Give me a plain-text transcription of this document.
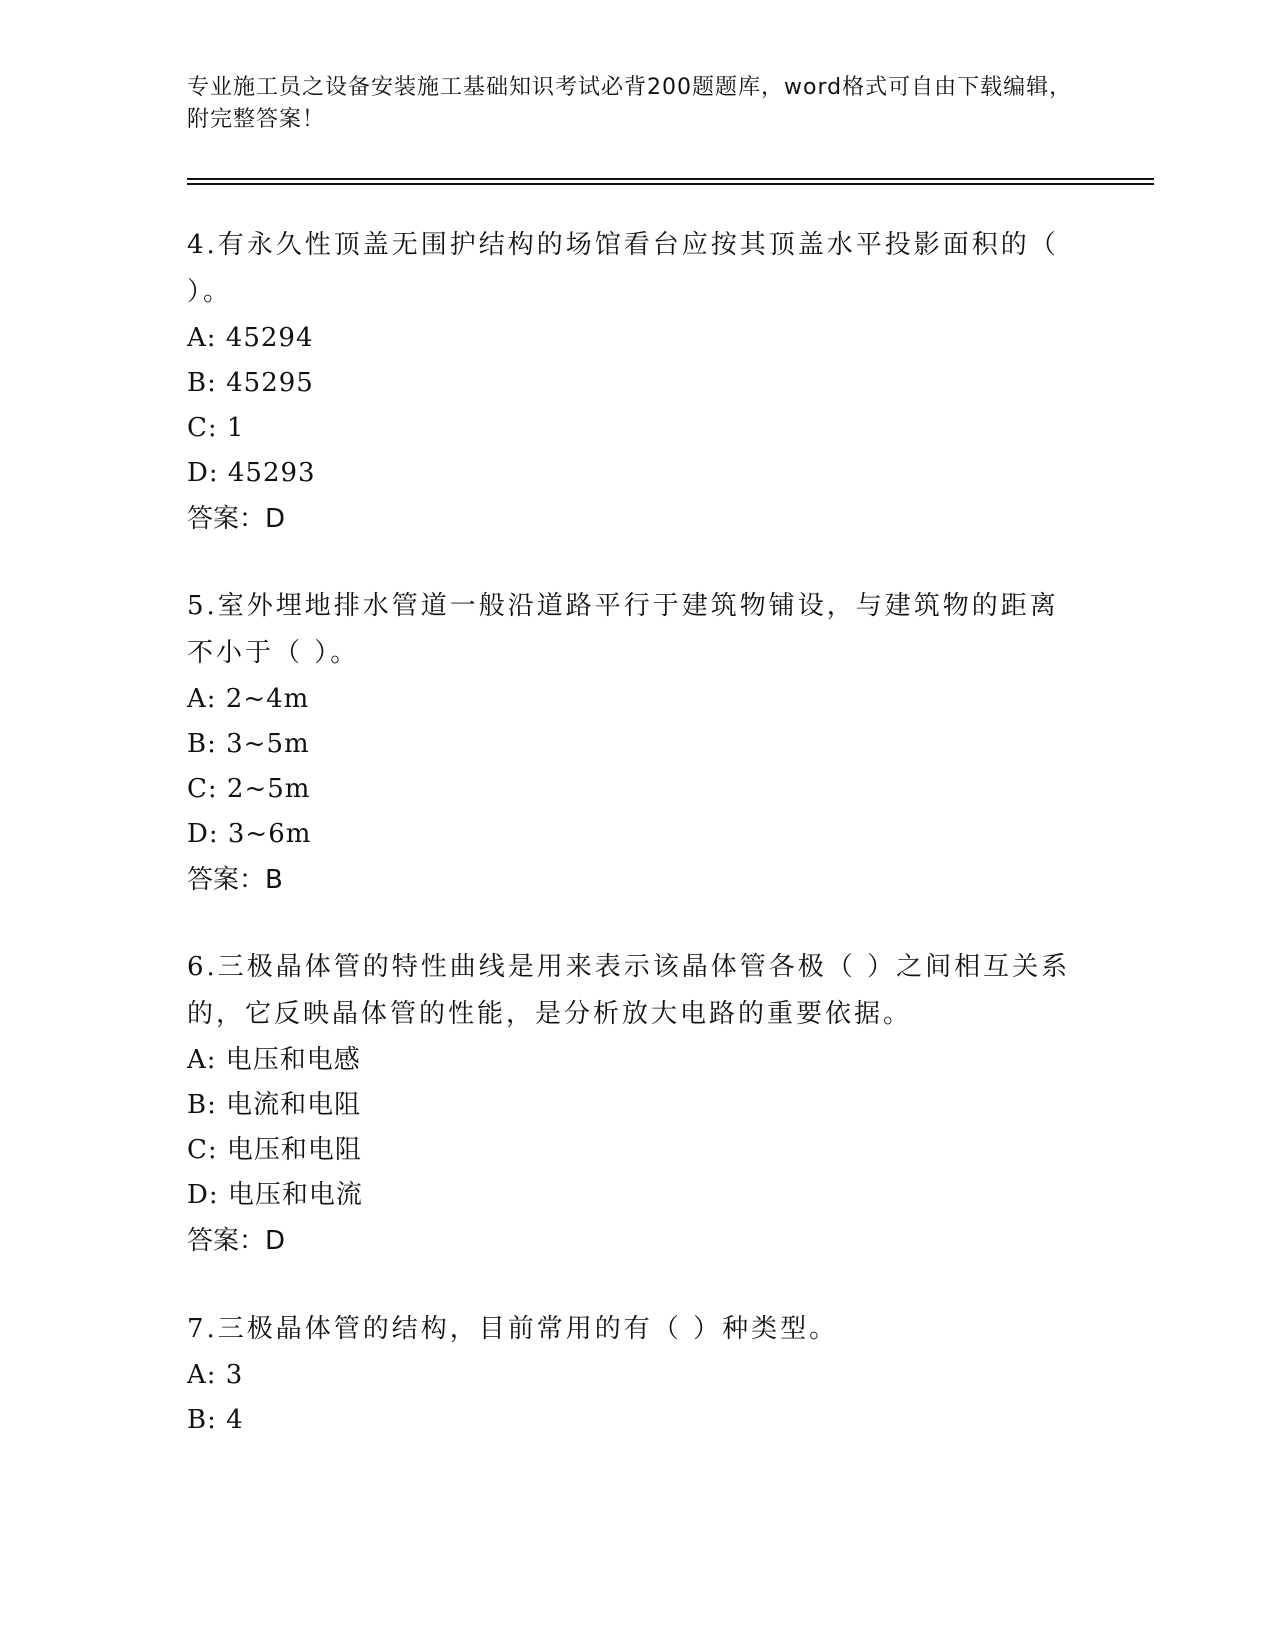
专业施工员之设备安装施工基础知识考试必背200题题库，word格式可自由下载编辑，附完整答案！
4.有永久性顶盖无围护结构的场馆看台应按其顶盖水平投影面积的（ ）。
A: 45294
B: 45295
C: 1
D: 45293
答案：D
5.室外埋地排水管道一般沿道路平行于建筑物铺设，与建筑物的距离不小于（ ）。
A: 2~4m
B: 3~5m
C: 2~5m
D: 3~6m
答案：B
6.三极晶体管的特性曲线是用来表示该晶体管各极（ ）之间相互关系的，它反映晶体管的性能，是分析放大电路的重要依据。
A: 电压和电感
B: 电流和电阻
C: 电压和电阻
D: 电压和电流
答案：D
7.三极晶体管的结构，目前常用的有（ ）种类型。
A: 3
B: 4
